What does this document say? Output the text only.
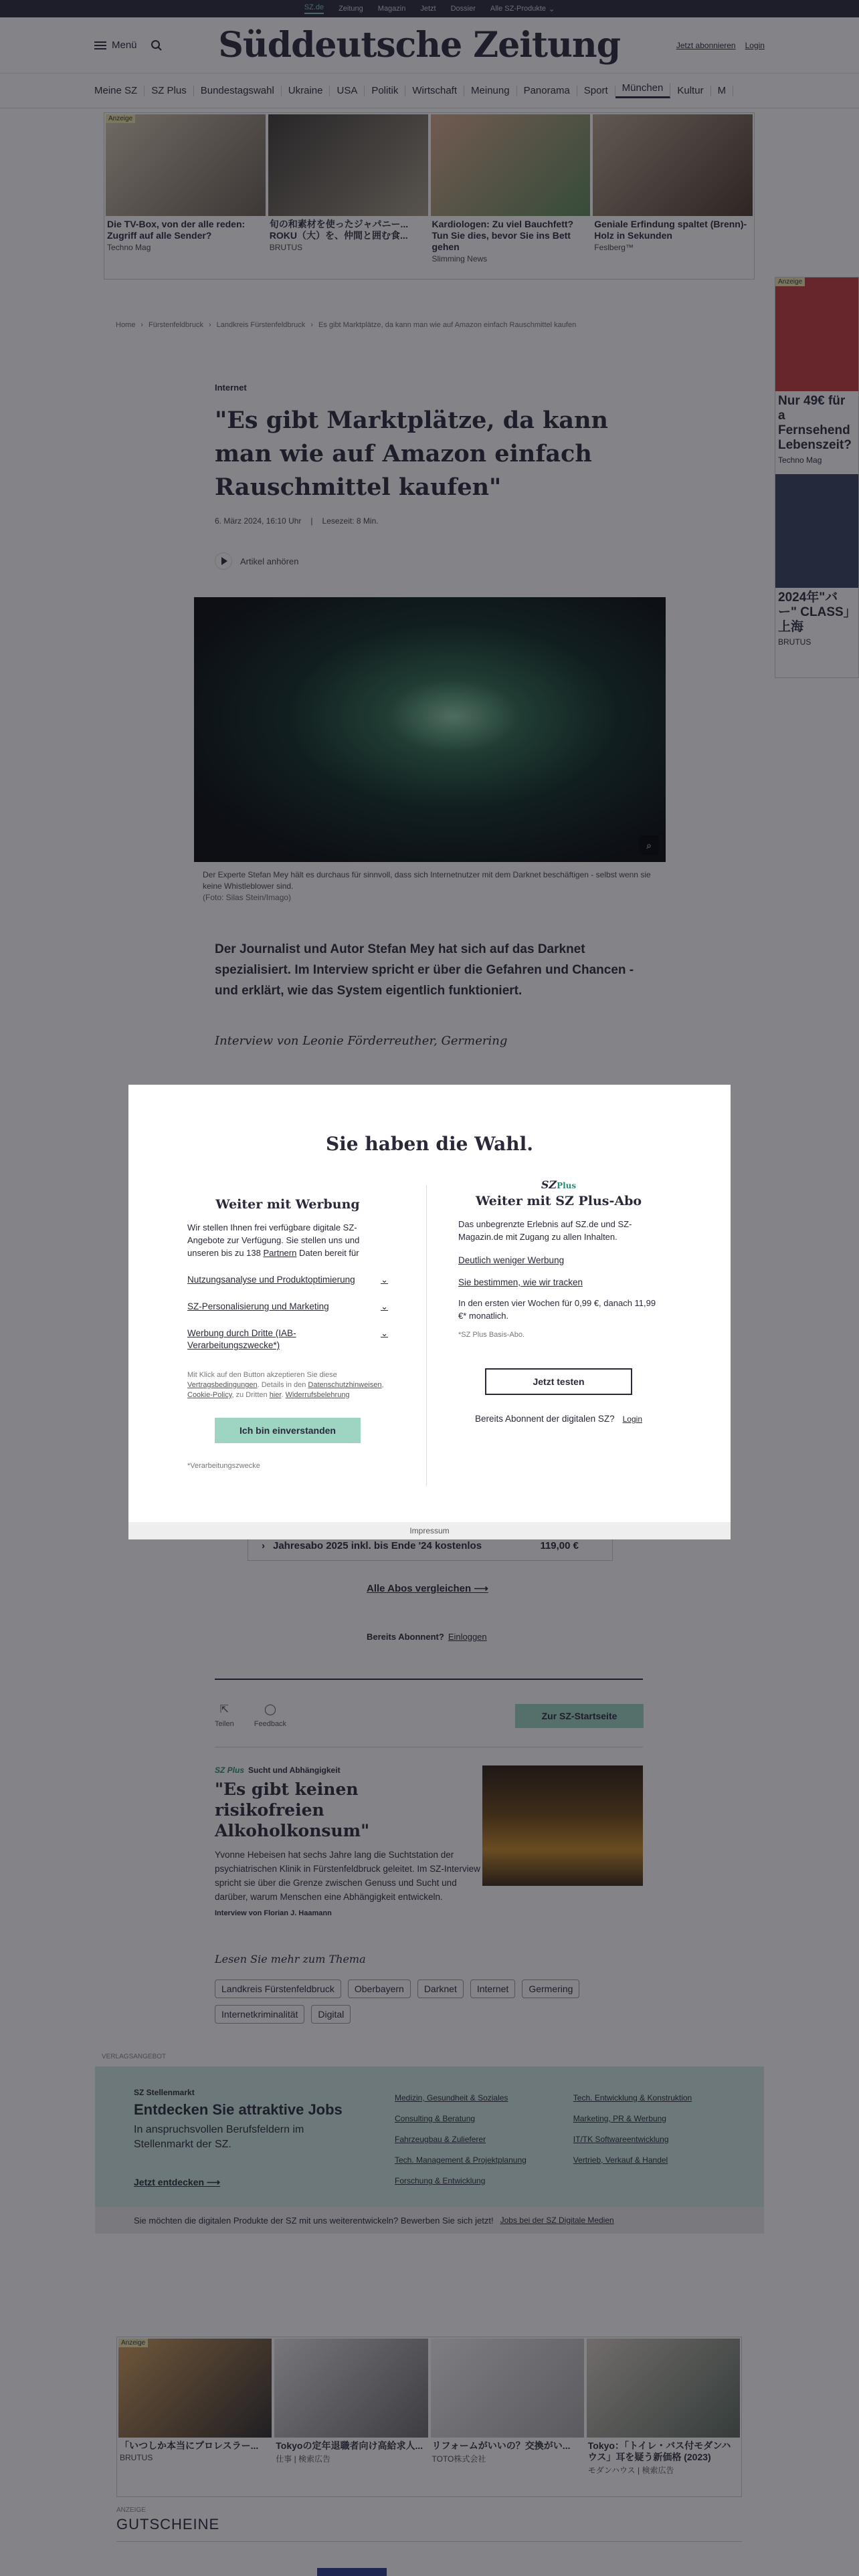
Sie haben die Wahl.
Weiter mit Werbung

Wir stellen Ihnen frei verfügbare digitale SZ-Angebote zur Verfügung. Sie stellen uns und unseren bis zu 138 Partnern Daten bereit für

Nutzungsanalyse und Produktoptimierung	⌄
SZ-Personalisierung und Marketing	⌄
Werbung durch Dritte (IAB-Verarbeitungszwecke*)
⌄

Mit Klick auf den Button akzeptieren Sie diese Vertragsbedingungen. Details in den Datenschutzhinweisen, Cookie-Policy, zu Dritten hier. Widerrufsbelehrung

Ich bin einverstanden

*Verarbeitungszwecke

SZPlus
Weiter mit SZ Plus-Abo

Das unbegrenzte Erlebnis auf SZ.de und SZ-Magazin.de mit Zugang zu allen Inhalten.

Deutlich weniger Werbung
Sie bestimmen, wie wir tracken

In den ersten vier Wochen für 0,99 €, danach 11,99 €* monatlich.

*SZ Plus Basis-Abo.

Jetzt testen

Bereits Abonnent der digitalen SZ? Login

Impressum
